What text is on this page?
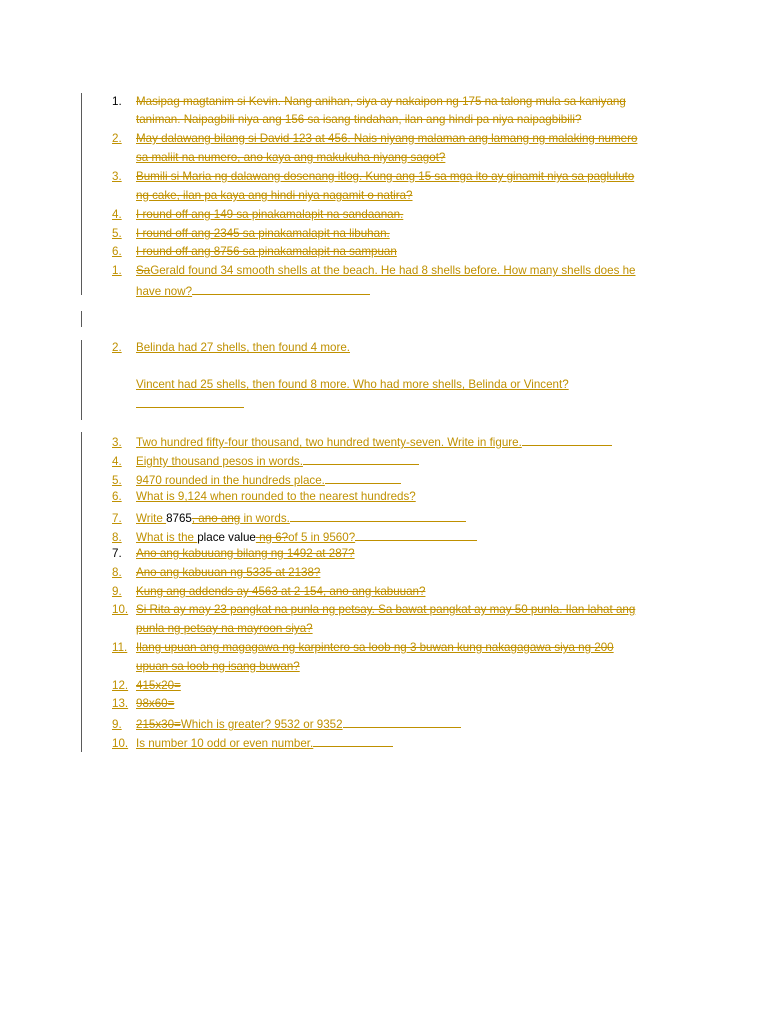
1. Masipag magtanim si Kevin. Nang anihan, siya ay nakaipon ng 175 na talong mula sa kaniyang
taniman. Naipagbili niya ang 156 sa isang tindahan, ilan ang hindi pa niya naipagbibili?
2. May dalawang bilang si David 123 at 456. Nais niyang malaman ang lamang ng malaking numero
sa maliit na numero, ano kaya ang makukuha niyang sagot?
3. Bumili si Maria ng dalawang dosenang itlog. Kung ang 15 sa mga ito ay ginamit niya sa pagluluto
ng cake, ilan pa kaya ang hindi niya nagamit o natira?
4. I round off ang 149 sa pinakamalapit na sandaanan.
5. I round off ang 2345 sa pinakamalapit na libuhan.
6. I round off ang 8756 sa pinakamalapit na sampuan
1. SaGerald found 34 smooth shells at the beach. He had 8 shells before. How many shells does he
have now?
2. Belinda had 27 shells, then found 4 more.
Vincent had 25 shells, then found 8 more. Who had more shells, Belinda or Vincent?
3. Two hundred fifty-four thousand, two hundred twenty-seven. Write in figure.
4. Eighty thousand pesos in words.
5. 9470 rounded in the hundreds place.
6. What is 9,124 when rounded to the nearest hundreds?
7. Write 8765, ano ang in words.
8. What is the place value ng 6?of 5 in 9560?
7. Ano ang kabuuang bilang ng 1492 at 287?
8. Ano ang kabuuan ng 5335 at 2138?
9. Kung ang addends ay 4563 at 2 154, ano ang kabuuan?
10. Si Rita ay may 23 pangkat na punla ng petsay. Sa bawat pangkat ay may 50 punla. Ilan lahat ang
punla ng petsay na mayroon siya?
11. Ilang upuan ang magagawa ng karpintero sa loob ng 3 buwan kung nakagagawa siya ng 200
upuan sa loob ng isang buwan?
12. 415x20=
13. 98x60=
9. 215x30=Which is greater? 9532 or 9352
10. Is number 10 odd or even number.
